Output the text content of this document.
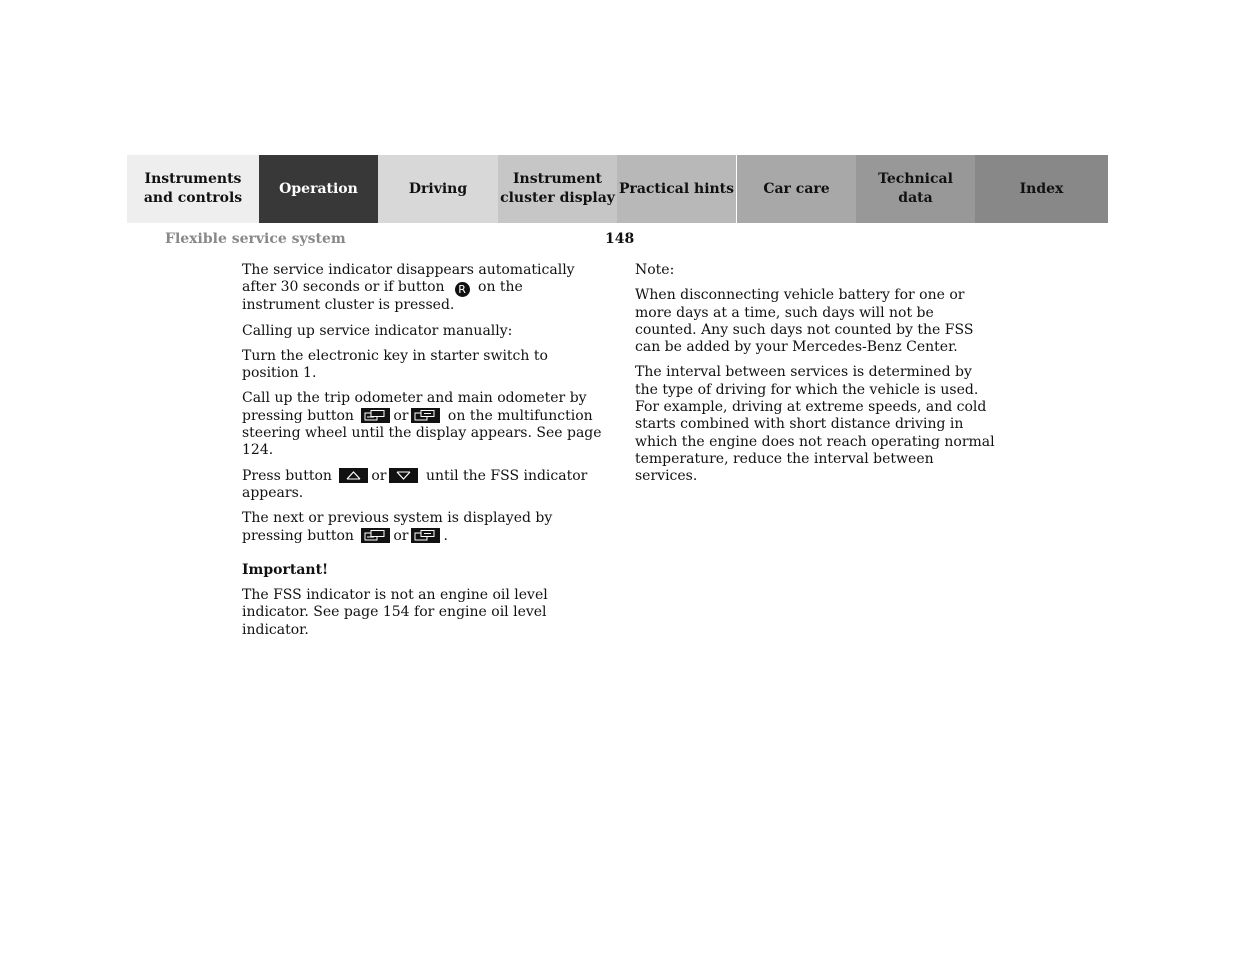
Instruments
and controls
Operation	Driving
Instrument
cluster display
Practical hints Car care
Technical
data
Index
Flexible service system	148

The service indicator disappears automatically after 30 seconds or if button R on the instrument cluster is pressed.

Calling up service indicator manually:

Turn the electronic key in starter switch to position 1.

Call up the trip odometer and main odometer by pressing button	or	on the multifunction steering wheel until the display appears. See page 124.

Press button	or	until the FSS indicator appears.

The next or previous system is displayed by pressing button	or	.

Important!

The FSS indicator is not an engine oil level indicator. See page 154 for engine oil level indicator.

Note:

When disconnecting vehicle battery for one or more days at a time, such days will not be counted. Any such days not counted by the FSS can be added by your Mercedes-Benz Center.

The interval between services is determined by the type of driving for which the vehicle is used. For example, driving at extreme speeds, and cold starts combined with short distance driving in which the engine does not reach operating normal temperature, reduce the interval between services.
